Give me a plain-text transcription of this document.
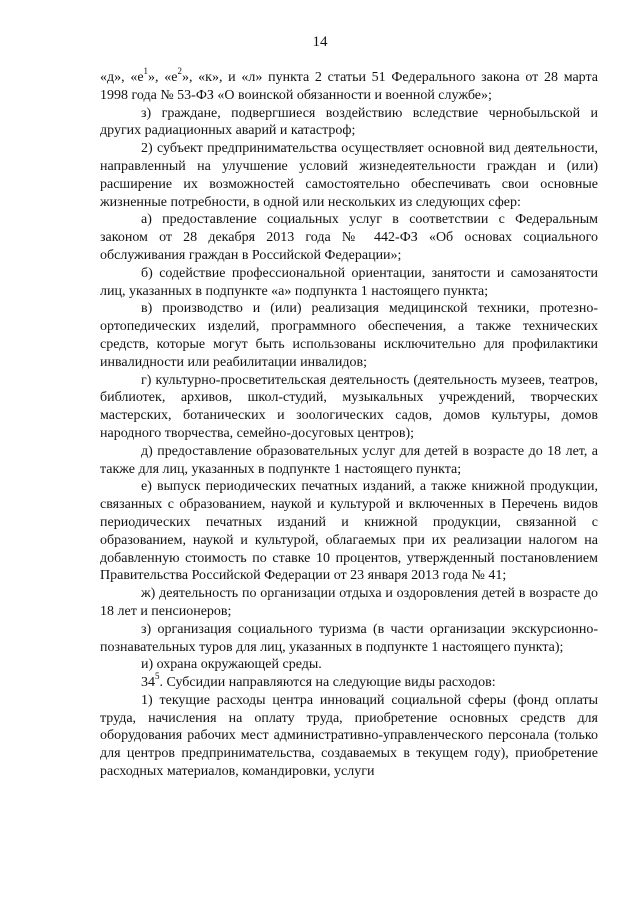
14

«д», «$е^1$», «$е^2$», «к», и «л» пункта 2 статьи 51 Федерального закона от 28 марта 1998 года № 53-ФЗ «О воинской обязанности и военной службе»;

з) граждане, подвергшиеся воздействию вследствие чернобыльской и других радиационных аварий и катастроф;

2) субъект предпринимательства осуществляет основной вид деятельности, направленный на улучшение условий жизнедеятельности граждан и (или) расширение их возможностей самостоятельно обеспечивать свои основные жизненные потребности, в одной или нескольких из следующих сфер:

а) предоставление социальных услуг в соответствии с Федеральным законом от 28 декабря 2013 года № 442-ФЗ «Об основах социального обслуживания граждан в Российской Федерации»;

б) содействие профессиональной ориентации, занятости и самозанятости лиц, указанных в подпункте «а» подпункта 1 настоящего пункта;

в) производство и (или) реализация медицинской техники, протезно-ортопедических изделий, программного обеспечения, а также технических средств, которые могут быть использованы исключительно для профилактики инвалидности или реабилитации инвалидов;

г) культурно-просветительская деятельность (деятельность музеев, театров, библиотек, архивов, школ-студий, музыкальных учреждений, творческих мастерских, ботанических и зоологических садов, домов культуры, домов народного творчества, семейно-досуговых центров);

д) предоставление образовательных услуг для детей в возрасте до 18 лет, а также для лиц, указанных в подпункте 1 настоящего пункта;

е) выпуск периодических печатных изданий, а также книжной продукции, связанных с образованием, наукой и культурой и включенных в Перечень видов периодических печатных изданий и книжной продукции, связанной с образованием, наукой и культурой, облагаемых при их реализации налогом на добавленную стоимость по ставке 10 процентов, утвержденный постановлением Правительства Российской Федерации от 23 января 2013 года № 41;

ж) деятельность по организации отдыха и оздоровления детей в возрасте до 18 лет и пенсионеров;

з) организация социального туризма (в части организации экскурсионно-познавательных туров для лиц, указанных в подпункте 1 настоящего пункта);

и) охрана окружающей среды.

$34^5$. Субсидии направляются на следующие виды расходов:

1) текущие расходы центра инноваций социальной сферы (фонд оплаты труда, начисления на оплату труда, приобретение основных средств для оборудования рабочих мест административно-управленческого персонала (только для центров предпринимательства, создаваемых в текущем году), приобретение расходных материалов, командировки, услуги
